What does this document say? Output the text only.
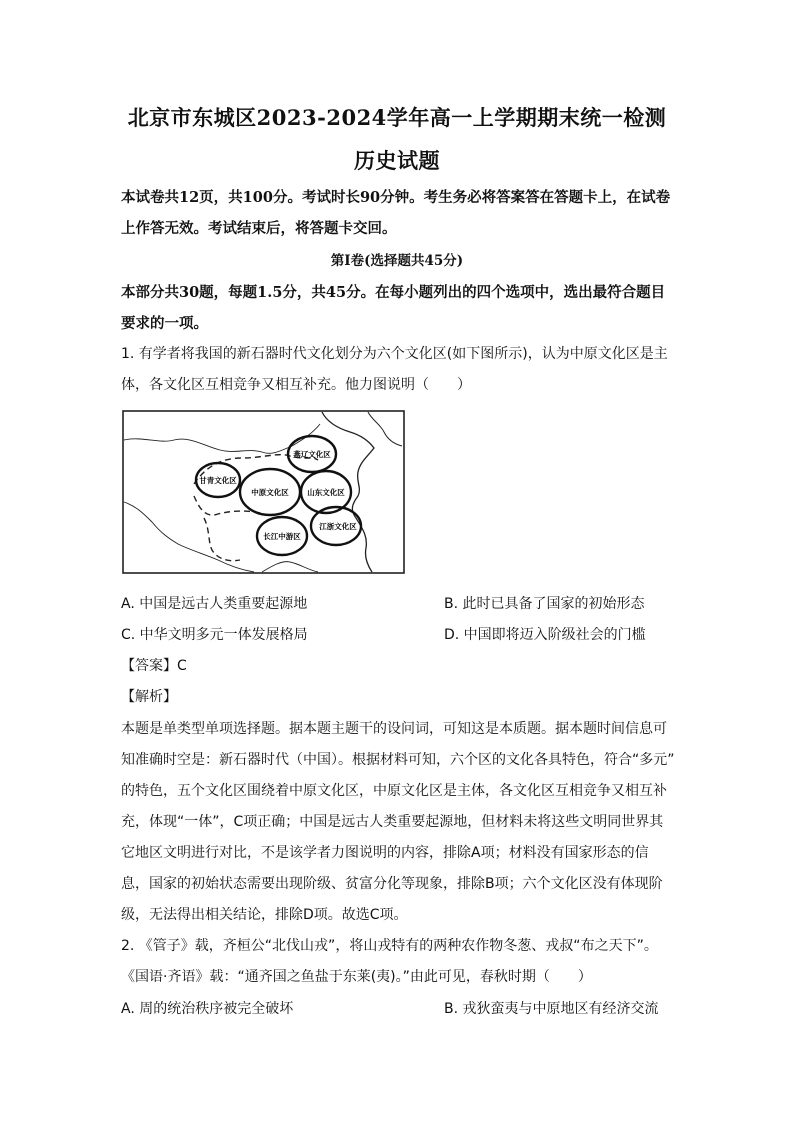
北京市东城区2023-2024学年高一上学期期末统一检测
历史试题
本试卷共12页，共100分。考试时长90分钟。考生务必将答案答在答题卡上，在试卷
上作答无效。考试结束后，将答题卡交回。
第Ⅰ卷(选择题共45分)
本部分共30题，每题1.5分，共45分。在每小题列出的四个选项中，选出最符合题目
要求的一项。
1. 有学者将我国的新石器时代文化划分为六个文化区(如下图所示)，认为中原文化区是主
体，各文化区互相竞争又相互补充。他力图说明（　　）
燕辽文化区
甘青文化区
中原文化区 山东文化区
长江中游区
江浙文化区
A. 中国是远古人类重要起源地	B. 此时已具备了国家的初始形态
C. 中华文明多元一体发展格局	D. 中国即将迈入阶级社会的门槛
【答案】C
【解析】
本题是单类型单项选择题。据本题主题干的设问词，可知这是本质题。据本题时间信息可
知准确时空是：新石器时代（中国）。根据材料可知，六个区的文化各具特色，符合“多元”
的特色，五个文化区围绕着中原文化区，中原文化区是主体，各文化区互相竞争又相互补
充，体现“一体”，C项正确；中国是远古人类重要起源地，但材料未将这些文明同世界其
它地区文明进行对比，不是该学者力图说明的内容，排除A项；材料没有国家形态的信
息，国家的初始状态需要出现阶级、贫富分化等现象，排除B项；六个文化区没有体现阶
级，无法得出相关结论，排除D项。故选C项。
2. 《管子》载，齐桓公“北伐山戎”，将山戎特有的两种农作物冬葱、戎叔“布之天下”。
《国语·齐语》载：“通齐国之鱼盐于东莱(夷)。”由此可见，春秋时期（　　）
A. 周的统治秩序被完全破坏	B. 戎狄蛮夷与中原地区有经济交流
